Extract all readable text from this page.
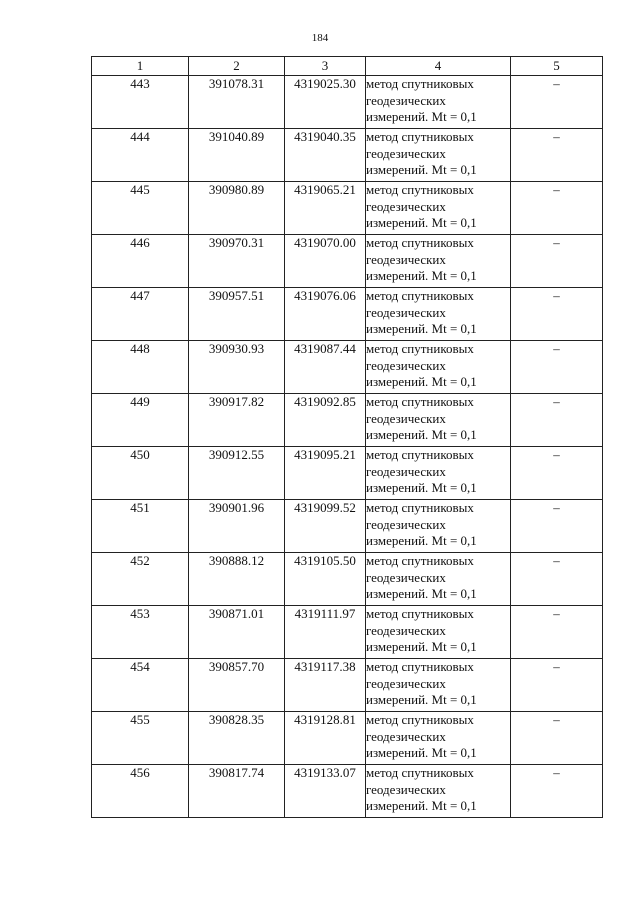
184
1	2	3	4	5
443	391078.31	4319025.30	метод спутниковых
геодезических
измерений. Mt = 0,1	–
444	391040.89	4319040.35	метод спутниковых
геодезических
измерений. Mt = 0,1	–
445	390980.89	4319065.21	метод спутниковых
геодезических
измерений. Mt = 0,1	–
446	390970.31	4319070.00	метод спутниковых
геодезических
измерений. Mt = 0,1	–
447	390957.51	4319076.06	метод спутниковых
геодезических
измерений. Mt = 0,1	–
448	390930.93	4319087.44	метод спутниковых
геодезических
измерений. Mt = 0,1	–
449	390917.82	4319092.85	метод спутниковых
геодезических
измерений. Mt = 0,1	–
450	390912.55	4319095.21	метод спутниковых
геодезических
измерений. Mt = 0,1	–
451	390901.96	4319099.52	метод спутниковых
геодезических
измерений. Mt = 0,1	–
452	390888.12	4319105.50	метод спутниковых
геодезических
измерений. Mt = 0,1	–
453	390871.01	4319111.97	метод спутниковых
геодезических
измерений. Mt = 0,1	–
454	390857.70	4319117.38	метод спутниковых
геодезических
измерений. Mt = 0,1	–
455	390828.35	4319128.81	метод спутниковых
геодезических
измерений. Mt = 0,1	–
456	390817.74	4319133.07	метод спутниковых
геодезических
измерений. Mt = 0,1	–
